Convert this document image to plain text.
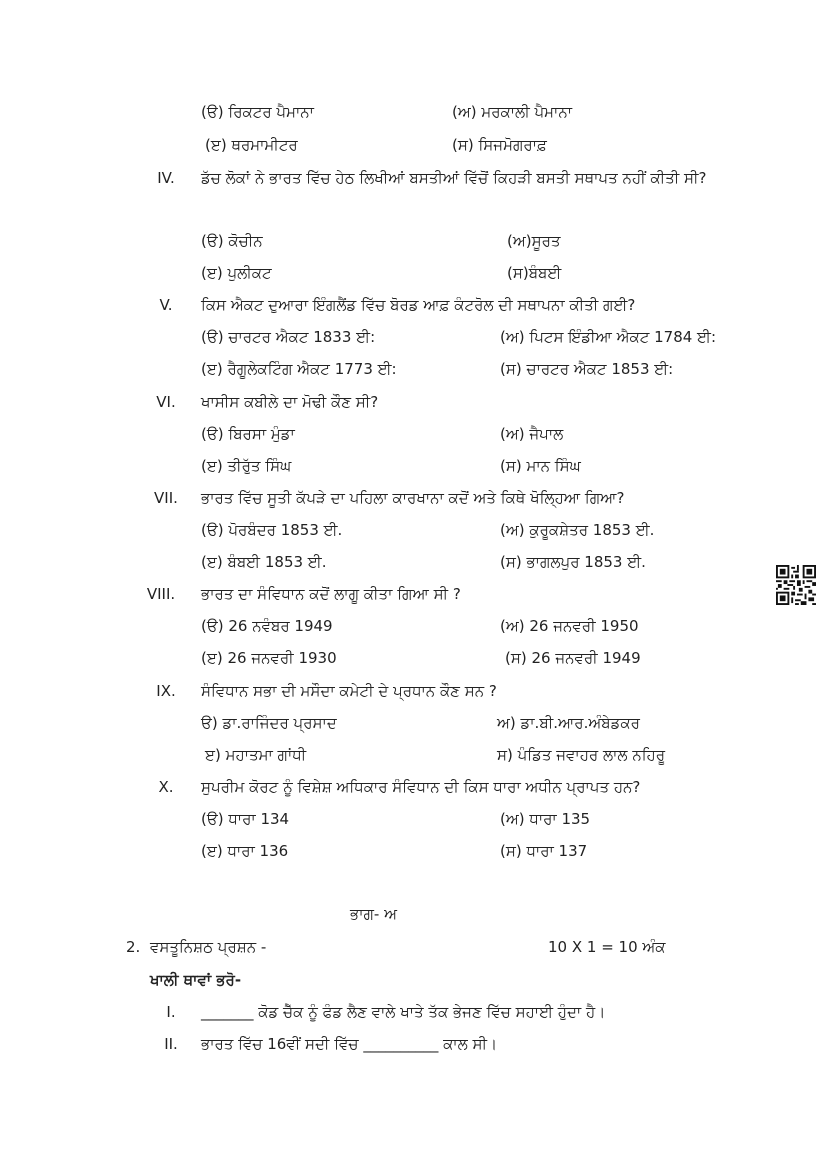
(ੳ) ਰਿਕਟਰ ਪੈਮਾਨਾ	(ਅ) ਮਰਕਾਲੀ ਪੈਮਾਨਾ
(ੲ) ਥਰਮਾਮੀਟਰ	(ਸ) ਸਿਜਮੋਗਰਾਫ਼
IV.	ਡੱਚ ਲੋਕਾਂ ਨੇ ਭਾਰਤ ਵਿੱਚ ਹੇਠ ਲਿਖੀਆਂ ਬਸਤੀਆਂ ਵਿੱਚੋਂ ਕਿਹੜੀ ਬਸਤੀ ਸਥਾਪਤ ਨਹੀਂ ਕੀਤੀ ਸੀ?
(ੳ) ਕੋਚੀਨ	(ਅ)ਸੂਰਤ
(ੲ) ਪੁਲੀਕਟ	(ਸ)ਬੰਬਈ
V.	ਕਿਸ ਐਕਟ ਦੁਆਰਾ ਇੰਗਲੈਂਡ ਵਿੱਚ ਬੋਰਡ ਆਫ਼ ਕੰਟਰੋਲ ਦੀ ਸਥਾਪਨਾ ਕੀਤੀ ਗਈ?
(ੳ) ਚਾਰਟਰ ਐਕਟ 1833 ਈ:	(ਅ) ਪਿਟਸ ਇੰਡੀਆ ਐਕਟ 1784 ਈ:
(ੲ) ਰੈਗੂਲੇਕਟਿੰਗ ਐਕਟ 1773 ਈ:	(ਸ) ਚਾਰਟਰ ਐਕਟ 1853 ਈ:
VI.	ਖਾਸੀਸ ਕਬੀਲੇ ਦਾ ਮੋਢੀ ਕੌਣ ਸੀ?
(ੳ) ਬਿਰਸਾ ਮੁੰਡਾ	(ਅ) ਜੈਪਾਲ
(ੲ) ਤੀਰੁੱਤ ਸਿੰਘ	(ਸ) ਮਾਨ ਸਿੰਘ
VII.	ਭਾਰਤ ਵਿੱਚ ਸੂਤੀ ਕੱਪੜੇ ਦਾ ਪਹਿਲਾ ਕਾਰਖਾਨਾ ਕਦੋਂ ਅਤੇ ਕਿਥੇ ਖੋਲ੍ਹਿਆ ਗਿਆ?
(ੳ) ਪੋਰਬੰਦਰ 1853 ਈ.	(ਅ) ਕੁਰੂਕਸ਼ੇਤਰ 1853 ਈ.
(ੲ) ਬੰਬਈ 1853 ਈ.	(ਸ) ਭਾਗਲਪੁਰ 1853 ਈ.
VIII.	ਭਾਰਤ ਦਾ ਸੰਵਿਧਾਨ ਕਦੋਂ ਲਾਗੂ ਕੀਤਾ ਗਿਆ ਸੀ ?
(ੳ) 26 ਨਵੰਬਰ 1949	(ਅ) 26 ਜਨਵਰੀ 1950
(ੲ) 26 ਜਨਵਰੀ 1930	(ਸ) 26 ਜਨਵਰੀ 1949
IX.	ਸੰਵਿਧਾਨ ਸਭਾ ਦੀ ਮਸੌਦਾ ਕਮੇਟੀ ਦੇ ਪ੍ਰਧਾਨ ਕੌਣ ਸਨ ?
ੳ) ਡਾ.ਰਾਜਿੰਦਰ ਪ੍ਰਸਾਦ	ਅ) ਡਾ.ਬੀ.ਆਰ.ਅੰਬੇਡਕਰ
ੲ) ਮਹਾਤਮਾ ਗਾਂਧੀ	ਸ) ਪੰਡਿਤ ਜਵਾਹਰ ਲਾਲ ਨਹਿਰੂ
X.	ਸੁਪਰੀਮ ਕੋਰਟ ਨੂੰ ਵਿਸ਼ੇਸ਼ ਅਧਿਕਾਰ ਸੰਵਿਧਾਨ ਦੀ ਕਿਸ ਧਾਰਾ ਅਧੀਨ ਪ੍ਰਾਪਤ ਹਨ?
(ੳ) ਧਾਰਾ 134	(ਅ) ਧਾਰਾ 135
(ੲ) ਧਾਰਾ 136	(ਸ) ਧਾਰਾ 137
ਭਾਗ- ਅ
2. ਵਸਤੂਨਿਸ਼ਠ ਪ੍ਰਸ਼ਨ -	10 X 1 = 10 ਅੰਕ
ਖਾਲੀ ਥਾਵਾਂ ਭਰੋ-
I.	_______ ਕੋਡ ਚੈੱਕ ਨੂੰ ਫੰਡ ਲੈਣ ਵਾਲੇ ਖਾਤੇ ਤੱਕ ਭੇਜਣ ਵਿੱਚ ਸਹਾਈ ਹੁੰਦਾ ਹੈ।
II.	ਭਾਰਤ ਵਿੱਚ 16ਵੀਂ ਸਦੀ ਵਿੱਚ __________ ਕਾਲ ਸੀ।
